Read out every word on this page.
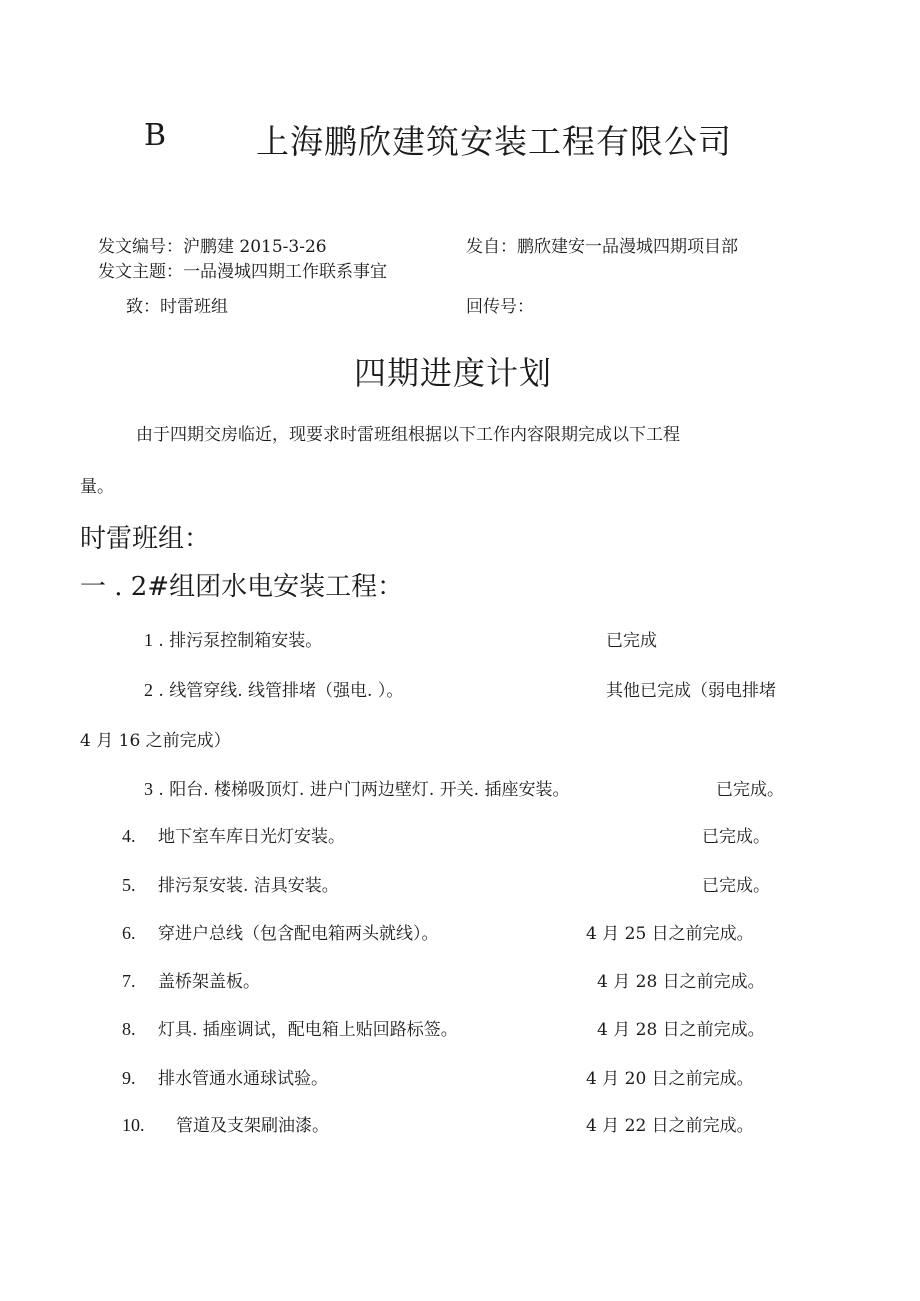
B	上海鹏欣建筑安装工程有限公司
发文编号：沪鹏建 2015-3-26	发自：鹏欣建安一品漫城四期项目部
发文主题：一品漫城四期工作联系事宜
致：时雷班组	回传号：
四期进度计划
由于四期交房临近，现要求时雷班组根据以下工作内容限期完成以下工程
量。
时雷班组：
一 . 2#组团水电安装工程：
1 . 排污泵控制箱安装。	已完成
2 . 线管穿线. 线管排堵（强电. ）。	其他已完成（弱电排堵
4 月 16 之前完成）
3 . 阳台. 楼梯吸顶灯. 进户门两边壁灯. 开关. 插座安装。	已完成。
4. 地下室车库日光灯安装。	已完成。
5. 排污泵安装. 洁具安装。	已完成。
6. 穿进户总线（包含配电箱两头就线）。	4 月 25 日之前完成。
7. 盖桥架盖板。	4 月 28 日之前完成。
8. 灯具. 插座调试，配电箱上贴回路标签。	4 月 28 日之前完成。
9. 排水管通水通球试验。	4 月 20 日之前完成。
10. 管道及支架刷油漆。	4 月 22 日之前完成。
